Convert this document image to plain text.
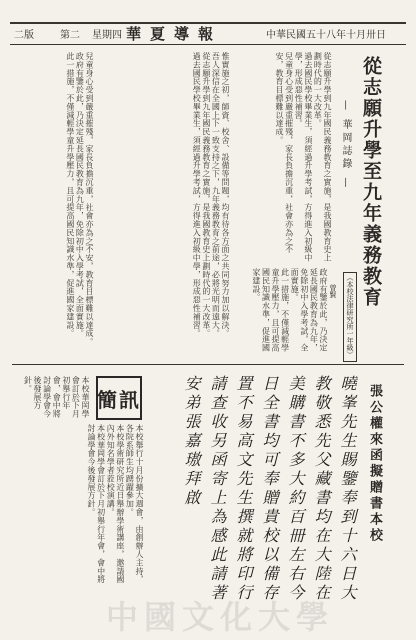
二版	第二 星期四 華夏導報	中華民國五十八年十月卅日
從志願升學至九年義務教育
— 華岡誌錄 —
（本校法律研究所一年級）
曾賢

從志願升學到九年國民義務教育之實施，是我國教育史上劃時代的一大改革。

過去國民學校畢業生，須經過升學考試，方得進入初級中學，形成惡性補習。

兒童身心受到嚴重摧殘，家長負擔沉重，社會亦為之不安，教育目標難以達成。

政府有鑒於此，乃決定延長國民教育為九年，免除初中入學考試，全面實施。

此一措施，不僅減輕學童升學壓力，且可提高國民知識水準，促進國家建設。

惟實施之初，師資、校舍、設備等問題，均有待各方面之共同努力加以解決。

吾人深信在全國上下一致支持之下，九年義務教育之前途，必將光明而遠大。

從志願升學到九年國民義務教育之實施，是我國教育史上劃時代的一大改革。

過去國民學校畢業生，須經過升學考試，方得進入初級中學，形成惡性補習。

兒童身心受到嚴重摧殘，家長負擔沉重，社會亦為之不安，教育目標難以達成。

政府有鑒於此，乃決定延長國民教育為九年，免除初中入學考試，全面實施。

此一措施，不僅減輕學童升學壓力，且可提高國民知識水準，促進國家建設。

張公權來函擬贈書本校
曉峯先生賜鑒奉到十六日大教敬悉先父藏書均在大陸在美購書不多大約百冊左右今日全書均可奉贈貴校以備存置不易高文先生撰就將印行請查收另函寄上為感此請著安弟張嘉璈拜啟
簡訊

本校舉行十月份擴大週會，由創辦人主持，各院系師生均踴躍參加。

本校學術研究所近日舉辦學術講座，邀請國內外知名學者蒞校演講。

本校華岡學會訂於下月初舉行年會，會中將討論學會今後發展方針。

本校華岡學會訂於下月初舉行年會，會中將討論學會今後發展方針。

中國文化大學
